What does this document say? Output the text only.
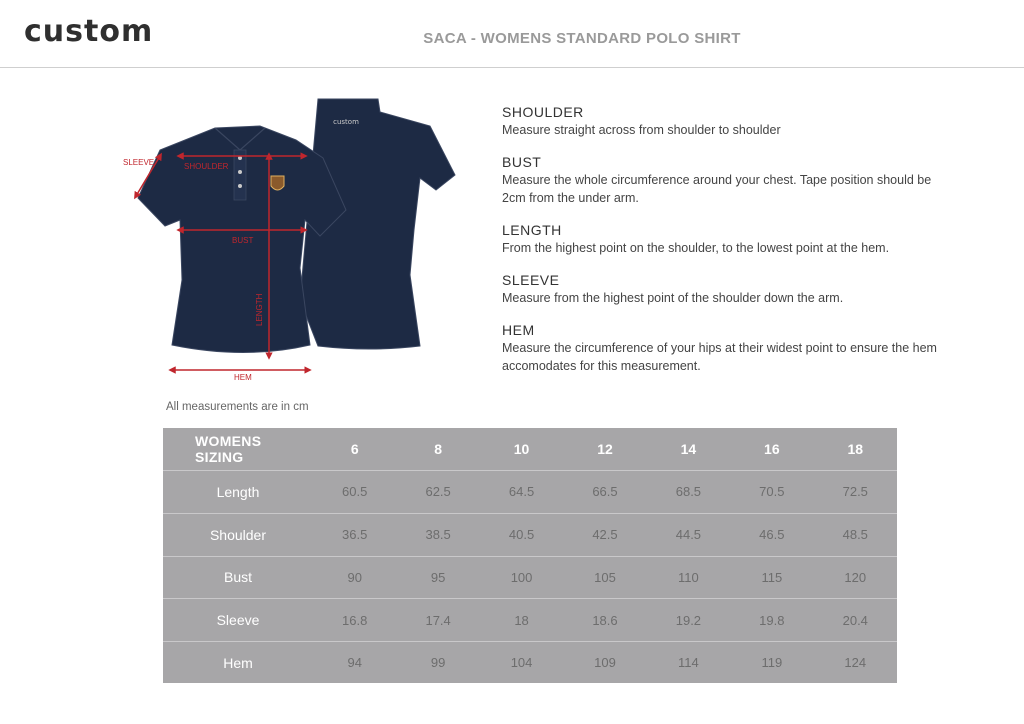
custom	SACA - WOMENS STANDARD POLO SHIRT
custom
SLEEVE	SHOULDER
BUST
LENGTH
HEM
SHOULDER
Measure straight across from shoulder to shoulder
BUST
Measure the whole circumference around your chest. Tape position should be 2cm from the under arm.
LENGTH
From the highest point on the shoulder, to the lowest point at the hem.
SLEEVE
Measure from the highest point of the shoulder down the arm.
HEM
Measure the circumference of your hips at their widest point to ensure the hem accomodates for this measurement.
All measurements are in cm
WOMENS SIZING	6	8	10	12	14	16	18
Length	60.5	62.5	64.5	66.5	68.5	70.5	72.5
Shoulder	36.5	38.5	40.5	42.5	44.5	46.5	48.5
Bust	90	95	100	105	110	115	120
Sleeve	16.8	17.4	18	18.6	19.2	19.8	20.4
Hem	94	99	104	109	114	119	124
